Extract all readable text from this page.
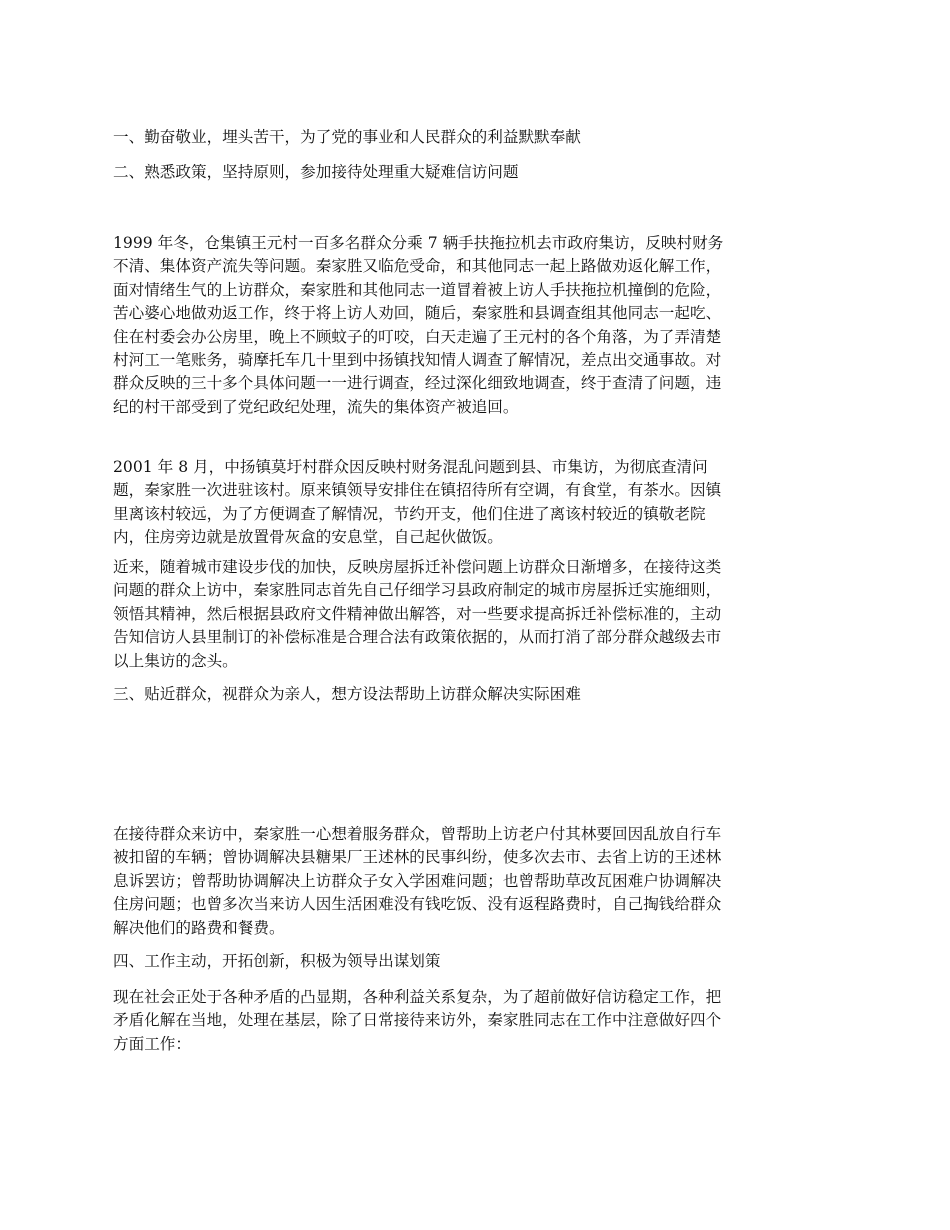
一、勤奋敬业，埋头苦干，为了党的事业和人民群众的利益默默奉献

二、熟悉政策，坚持原则，参加接待处理重大疑难信访问题

1999 年冬，仓集镇王元村一百多名群众分乘 7 辆手扶拖拉机去市政府集访，反映村财务
不清、集体资产流失等问题。秦家胜又临危受命，和其他同志一起上路做劝返化解工作，
面对情绪生气的上访群众，秦家胜和其他同志一道冒着被上访人手扶拖拉机撞倒的危险，
苦心婆心地做劝返工作，终于将上访人劝回，随后，秦家胜和县调查组其他同志一起吃、
住在村委会办公房里，晚上不顾蚊子的叮咬，白天走遍了王元村的各个角落，为了弄清楚
村河工一笔账务，骑摩托车几十里到中扬镇找知情人调查了解情况，差点出交通事故。对
群众反映的三十多个具体问题一一进行调查，经过深化细致地调查，终于查清了问题，违
纪的村干部受到了党纪政纪处理，流失的集体资产被追回。

2001 年 8 月，中扬镇莫圩村群众因反映村财务混乱问题到县、市集访，为彻底查清问
题，秦家胜一次进驻该村。原来镇领导安排住在镇招待所有空调，有食堂，有茶水。因镇
里离该村较远，为了方便调查了解情况，节约开支，他们住进了离该村较近的镇敬老院
内，住房旁边就是放置骨灰盒的安息堂，自己起伙做饭。

近来，随着城市建设步伐的加快，反映房屋拆迁补偿问题上访群众日渐增多，在接待这类
问题的群众上访中，秦家胜同志首先自己仔细学习县政府制定的城市房屋拆迁实施细则，
领悟其精神，然后根据县政府文件精神做出解答，对一些要求提高拆迁补偿标准的，主动
告知信访人县里制订的补偿标准是合理合法有政策依据的，从而打消了部分群众越级去市
以上集访的念头。

三、贴近群众，视群众为亲人，想方设法帮助上访群众解决实际困难

在接待群众来访中，秦家胜一心想着服务群众，曾帮助上访老户付其林要回因乱放自行车
被扣留的车辆；曾协调解决县糖果厂王述林的民事纠纷，使多次去市、去省上访的王述林
息诉罢访；曾帮助协调解决上访群众子女入学困难问题；也曾帮助草改瓦困难户协调解决
住房问题；也曾多次当来访人因生活困难没有钱吃饭、没有返程路费时，自己掏钱给群众
解决他们的路费和餐费。

四、工作主动，开拓创新，积极为领导出谋划策

现在社会正处于各种矛盾的凸显期，各种利益关系复杂，为了超前做好信访稳定工作，把
矛盾化解在当地，处理在基层，除了日常接待来访外，秦家胜同志在工作中注意做好四个
方面工作：
